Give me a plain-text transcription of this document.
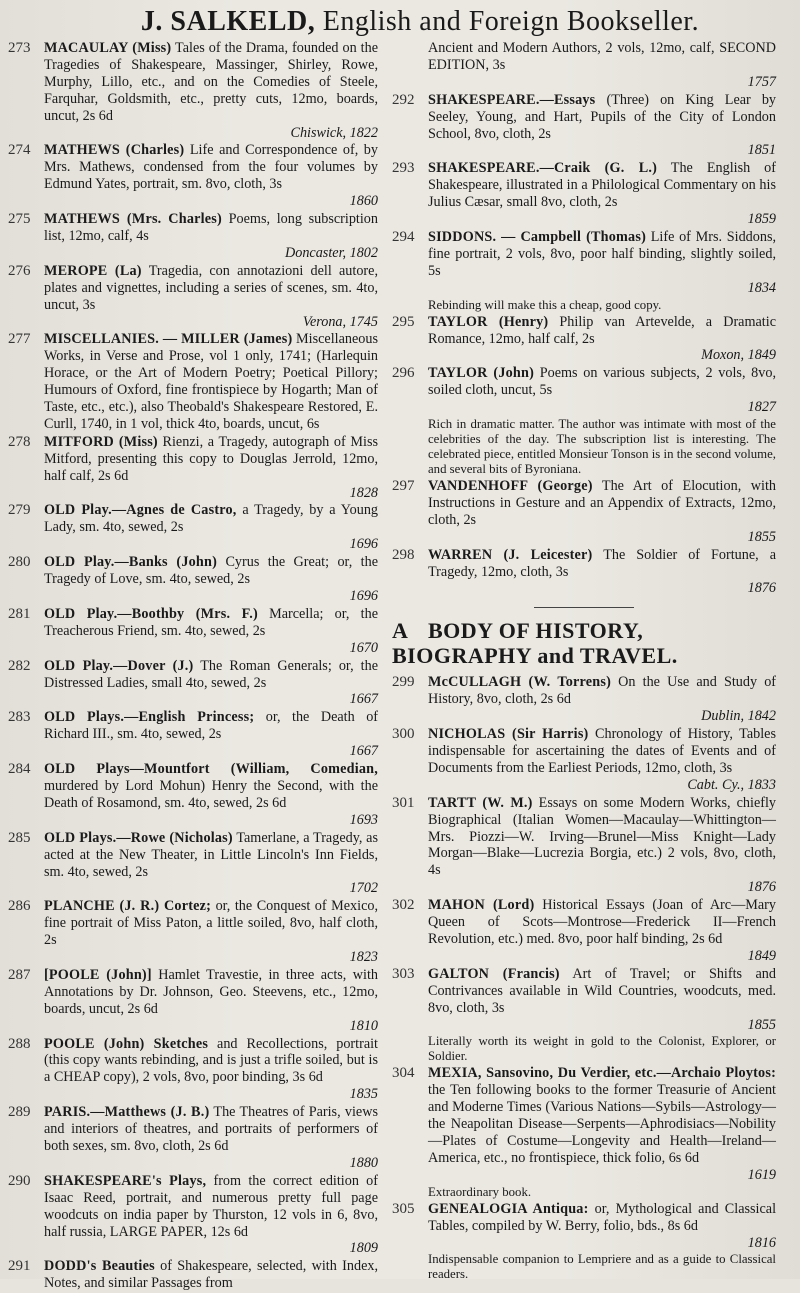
J. SALKELD, English and Foreign Bookseller.
273 MACAULAY (Miss) Tales of the Drama, founded on the Tragedies of Shakespeare, Massinger, Shirley, Rowe, Murphy, Lillo, etc., and on the Comedies of Steele, Farquhar, Goldsmith, etc., pretty cuts, 12mo, boards, uncut, 2s 6d
Chiswick, 1822
274 MATHEWS (Charles) Life and Correspondence of, by Mrs. Mathews, condensed from the four volumes by Edmund Yates, portrait, sm. 8vo, cloth, 3s
1860
275 MATHEWS (Mrs. Charles) Poems, long subscription list, 12mo, calf, 4s
Doncaster, 1802
276 MEROPE (La) Tragedia, con annotazioni dell autore, plates and vignettes, including a series of scenes, sm. 4to, uncut, 3s
Verona, 1745
277 MISCELLANIES. — MILLER (James) Miscellaneous Works, in Verse and Prose, vol 1 only, 1741; (Harlequin Horace, or the Art of Modern Poetry; Poetical Pillory; Humours of Oxford, fine frontispiece by Hogarth; Man of Taste, etc., etc.), also Theobald's Shakespeare Restored, E. Curll, 1740, in 1 vol, thick 4to, boards, uncut, 6s
278 MITFORD (Miss) Rienzi, a Tragedy, autograph of Miss Mitford, presenting this copy to Douglas Jerrold, 12mo, half calf, 2s 6d
1828
279 OLD Play.—Agnes de Castro, a Tragedy, by a Young Lady, sm. 4to, sewed, 2s
1696
280 OLD Play.—Banks (John) Cyrus the Great; or, the Tragedy of Love, sm. 4to, sewed, 2s
1696
281 OLD Play.—Boothby (Mrs. F.) Marcella; or, the Treacherous Friend, sm. 4to, sewed, 2s
1670
282 OLD Play.—Dover (J.) The Roman Generals; or, the Distressed Ladies, small 4to, sewed, 2s
1667
283 OLD Plays.—English Princess; or, the Death of Richard III., sm. 4to, sewed, 2s
1667
284 OLD Plays—Mountfort (William, Comedian, murdered by Lord Mohun) Henry the Second, with the Death of Rosamond, sm. 4to, sewed, 2s 6d
1693
285 OLD Plays.—Rowe (Nicholas) Tamerlane, a Tragedy, as acted at the New Theater, in Little Lincoln's Inn Fields, sm. 4to, sewed, 2s
1702
286 PLANCHE (J. R.) Cortez; or, the Conquest of Mexico, fine portrait of Miss Paton, a little soiled, 8vo, half cloth, 2s
1823
287 [POOLE (John)] Hamlet Travestie, in three acts, with Annotations by Dr. Johnson, Geo. Steevens, etc., 12mo, boards, uncut, 2s 6d
1810
288 POOLE (John) Sketches and Recollections, portrait (this copy wants rebinding, and is just a trifle soiled, but is a CHEAP copy), 2 vols, 8vo, poor binding, 3s 6d
1835
289 PARIS.—Matthews (J. B.) The Theatres of Paris, views and interiors of theatres, and portraits of performers of both sexes, sm. 8vo, cloth, 2s 6d
1880
290 SHAKESPEARE's Plays, from the correct edition of Isaac Reed, portrait, and numerous pretty full page woodcuts on india paper by Thurston, 12 vols in 6, 8vo, half russia, LARGE PAPER, 12s 6d
1809
291 DODD's Beauties of Shakespeare, selected, with Index, Notes, and similar Passages from
Ancient and Modern Authors, 2 vols, 12mo, calf, SECOND EDITION, 3s
1757
292 SHAKESPEARE.—Essays (Three) on King Lear by Seeley, Young, and Hart, Pupils of the City of London School, 8vo, cloth, 2s
1851
293 SHAKESPEARE.—Craik (G. L.) The English of Shakespeare, illustrated in a Philological Commentary on his Julius Cæsar, small 8vo, cloth, 2s
1859
294 SIDDONS. — Campbell (Thomas) Life of Mrs. Siddons, fine portrait, 2 vols, 8vo, poor half binding, slightly soiled, 5s
1834
Rebinding will make this a cheap, good copy.
295 TAYLOR (Henry) Philip van Artevelde, a Dramatic Romance, 12mo, half calf, 2s
Moxon, 1849
296 TAYLOR (John) Poems on various subjects, 2 vols, 8vo, soiled cloth, uncut, 5s
1827
Rich in dramatic matter. The author was intimate with most of the celebrities of the day. The subscription list is interesting. The celebrated piece, entitled Monsieur Tonson is in the second volume, and several bits of Byroniana.
297 VANDENHOFF (George) The Art of Elocution, with Instructions in Gesture and an Appendix of Extracts, 12mo, cloth, 2s
1855
298 WARREN (J. Leicester) The Soldier of Fortune, a Tragedy, 12mo, cloth, 3s
1876
A BODY OF HISTORY, BIOGRAPHY and TRAVEL.
299 McCULLAGH (W. Torrens) On the Use and Study of History, 8vo, cloth, 2s 6d
Dublin, 1842
300 NICHOLAS (Sir Harris) Chronology of History, Tables indispensable for ascertaining the dates of Events and of Documents from the Earliest Periods, 12mo, cloth, 3s
Cabt. Cy., 1833
301 TARTT (W. M.) Essays on some Modern Works, chiefly Biographical (Italian Women—Macaulay—Whittington—Mrs. Piozzi—W. Irving—Brunel—Miss Knight—Lady Morgan—Blake—Lucrezia Borgia, etc.) 2 vols, 8vo, cloth, 4s
1876
302 MAHON (Lord) Historical Essays (Joan of Arc—Mary Queen of Scots—Montrose—Frederick II—French Revolution, etc.) med. 8vo, poor half binding, 2s 6d
1849
303 GALTON (Francis) Art of Travel; or Shifts and Contrivances available in Wild Countries, woodcuts, med. 8vo, cloth, 3s
1855
Literally worth its weight in gold to the Colonist, Explorer, or Soldier.
304 MEXIA, Sansovino, Du Verdier, etc.—Archaio Ploytos: the Ten following books to the former Treasurie of Ancient and Moderne Times (Various Nations—Sybils—Astrology—the Neapolitan Disease—Serpents—Aphrodisiacs—Nobility—Plates of Costume—Longevity and Health—Ireland—America, etc., no frontispiece, thick folio, 6s 6d
1619
Extraordinary book.
305 GENEALOGIA Antiqua: or, Mythological and Classical Tables, compiled by W. Berry, folio, bds., 8s 6d
1816
Indispensable companion to Lempriere and as a guide to Classical readers.
